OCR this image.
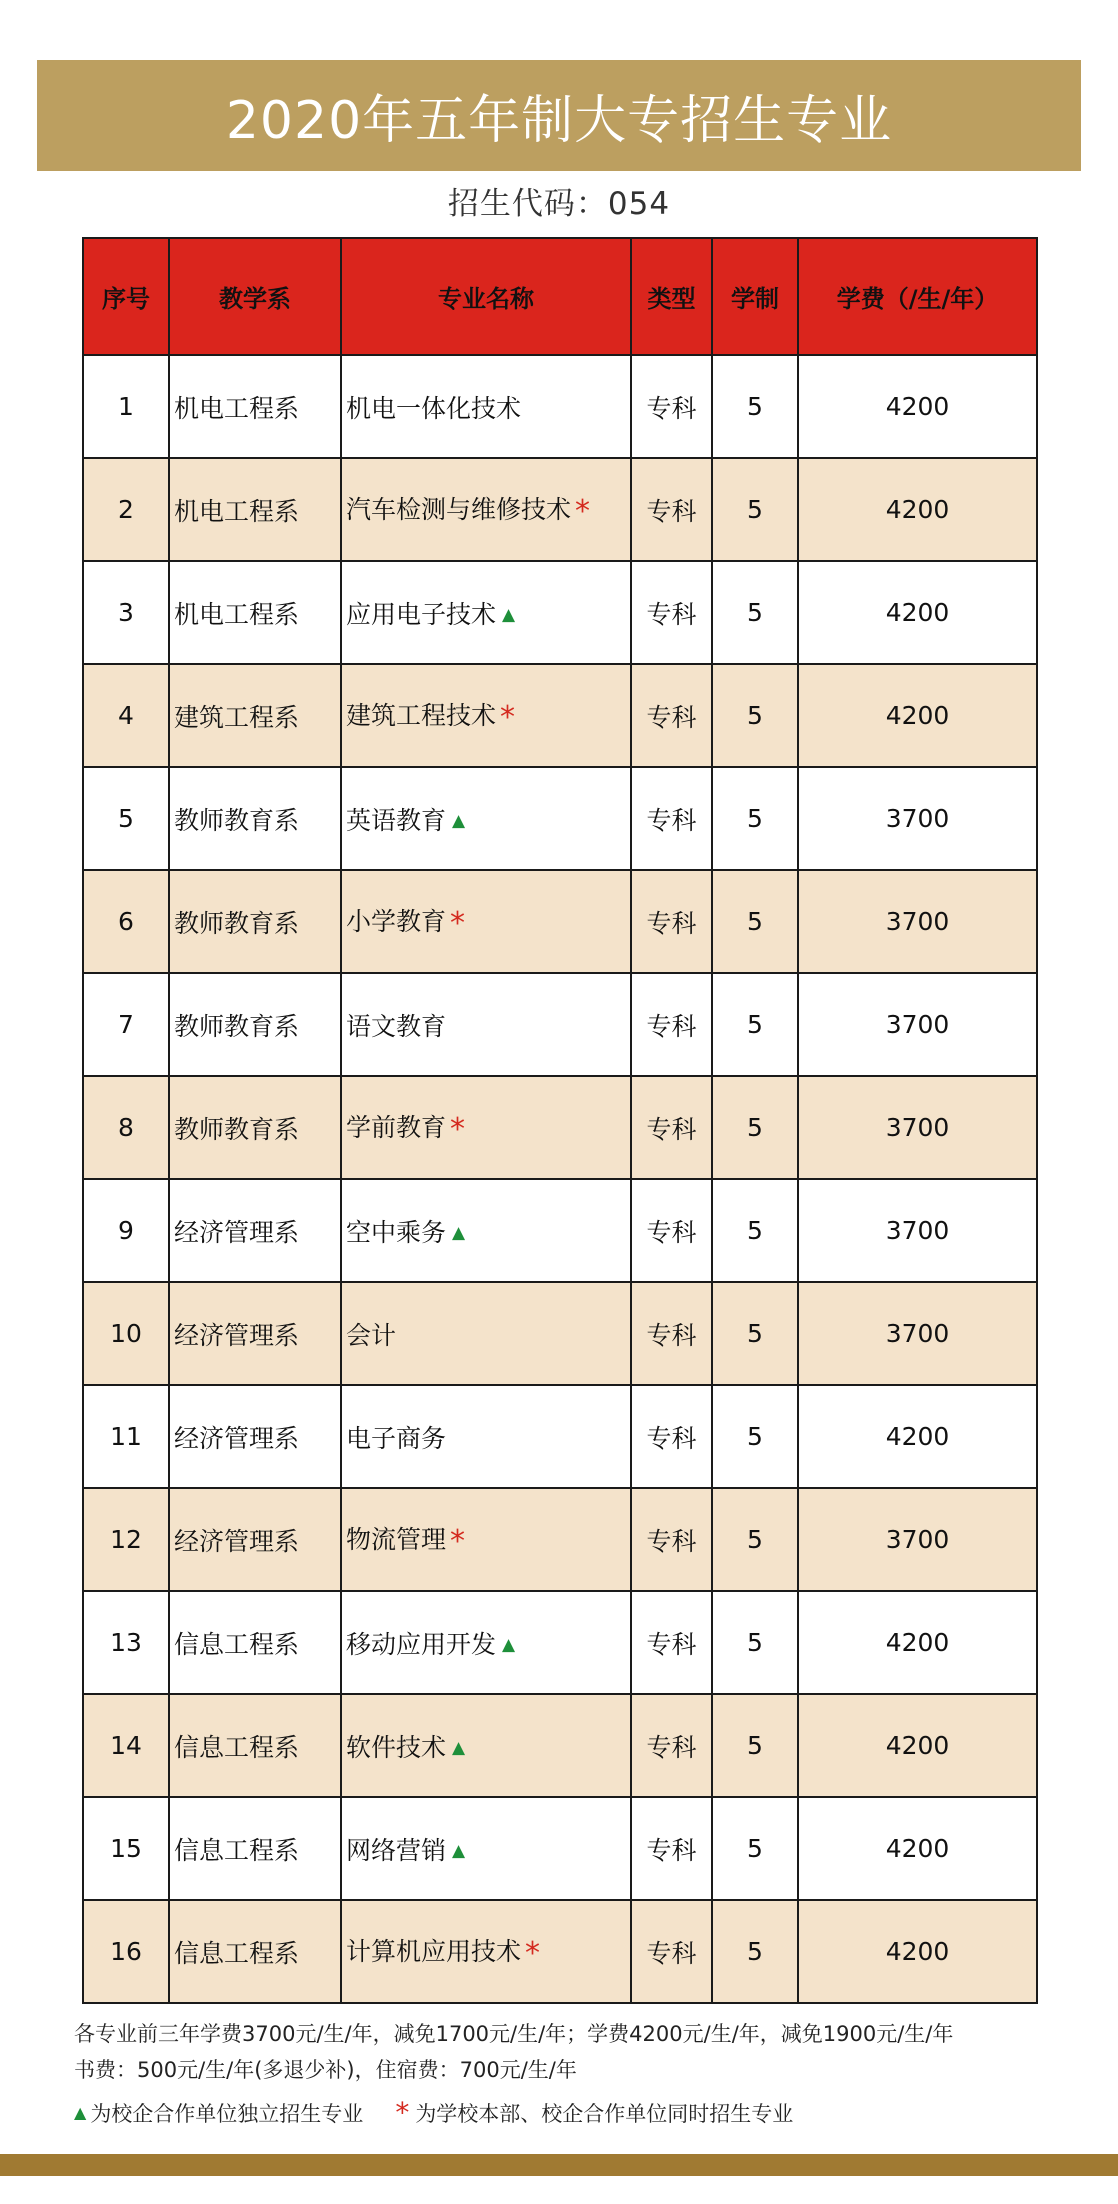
2020年五年制大专招生专业
招生代码：054
序号	教学系	专业名称	类型	学制	学费（/生/年）
1	机电工程系	机电一体化技术	专科	5	4200
2	机电工程系	汽车检测与维修技术 *	专科	5	4200
3	机电工程系	应用电子技术 ▲	专科	5	4200
4	建筑工程系	建筑工程技术 *	专科	5	4200
5	教师教育系	英语教育 ▲	专科	5	3700
6	教师教育系	小学教育 *	专科	5	3700
7	教师教育系	语文教育	专科	5	3700
8	教师教育系	学前教育 *	专科	5	3700
9	经济管理系	空中乘务 ▲	专科	5	3700
10	经济管理系	会计	专科	5	3700
11	经济管理系	电子商务	专科	5	4200
12	经济管理系	物流管理 *	专科	5	3700
13	信息工程系	移动应用开发 ▲	专科	5	4200
14	信息工程系	软件技术 ▲	专科	5	4200
15	信息工程系	网络营销 ▲	专科	5	4200
16	信息工程系	计算机应用技术 *	专科	5	4200
各专业前三年学费3700元/生/年，减免1700元/生/年；学费4200元/生/年，减免1900元/生/年
书费：500元/生/年(多退少补)，住宿费：700元/生/年
▲ 为校企合作单位独立招生专业 * 为学校本部、校企合作单位同时招生专业
